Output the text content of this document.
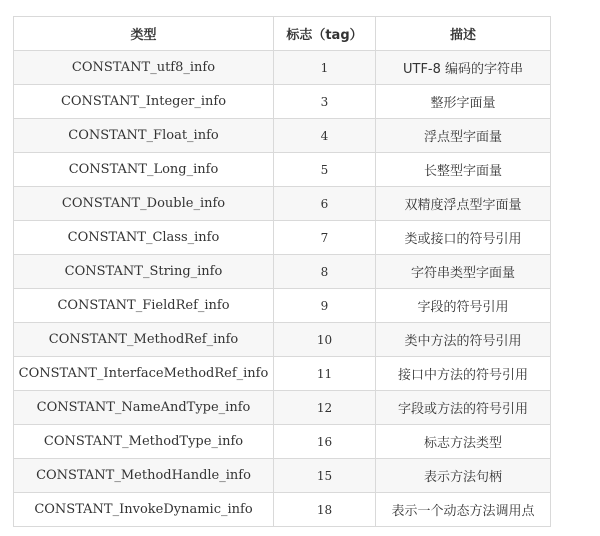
类型	标志（tag）	描述
CONSTANT_utf8_info	1	UTF-8 编码的字符串
CONSTANT_Integer_info	3	整形字面量
CONSTANT_Float_info	4	浮点型字面量
CONSTANT_Long_info	5	长整型字面量
CONSTANT_Double_info	6	双精度浮点型字面量
CONSTANT_Class_info	7	类或接口的符号引用
CONSTANT_String_info	8	字符串类型字面量
CONSTANT_FieldRef_info	9	字段的符号引用
CONSTANT_MethodRef_info	10	类中方法的符号引用
CONSTANT_InterfaceMethodRef_info	11	接口中方法的符号引用
CONSTANT_NameAndType_info	12	字段或方法的符号引用
CONSTANT_MethodType_info	16	标志方法类型
CONSTANT_MethodHandle_info	15	表示方法句柄
CONSTANT_InvokeDynamic_info	18	表示一个动态方法调用点
